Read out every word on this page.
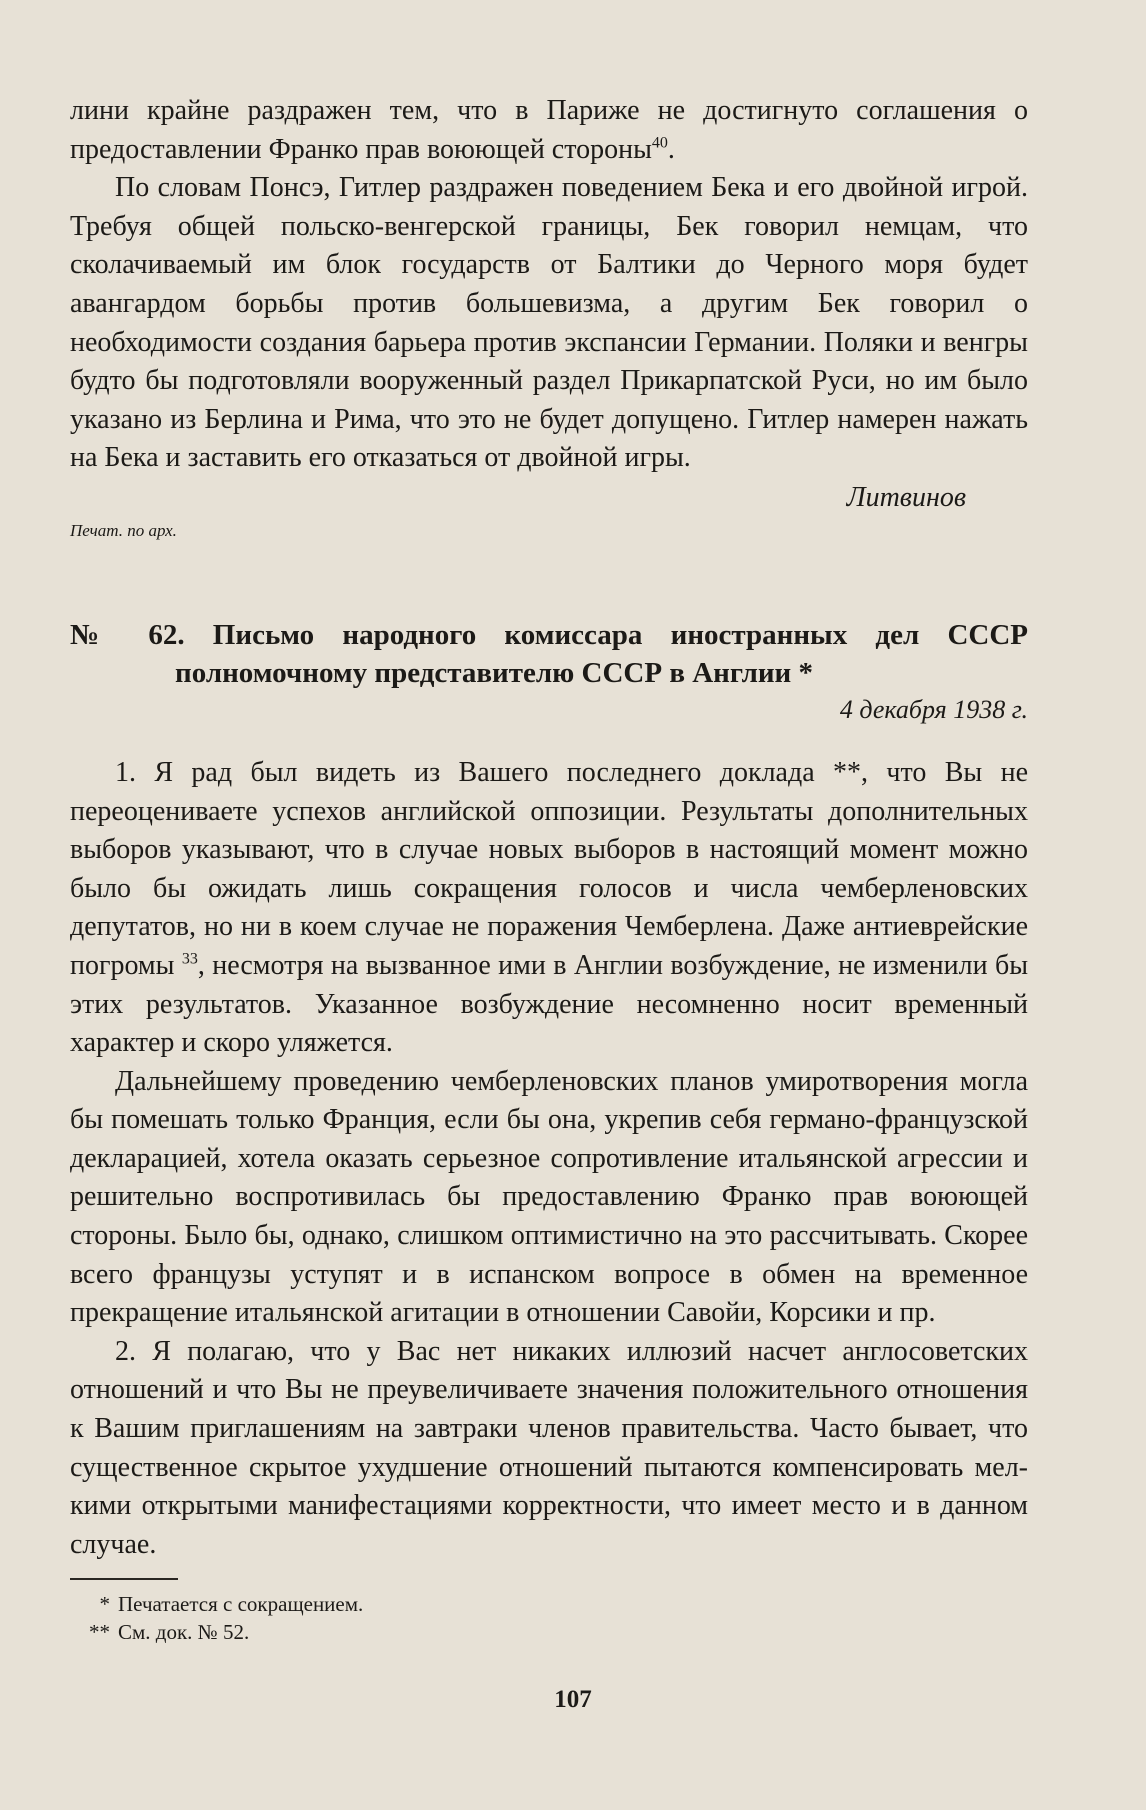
лини крайне раздражен тем, что в Париже не достигнуто соглашения о предоставлении Франко прав воюющей стороны$^{40}$.

По словам Понсэ, Гитлер раздражен поведением Бека и его двойной игрой. Требуя общей польско-венгерской границы, Бек говорил немцам, что сколачиваемый им блок государств от Балтики до Черного моря будет авангардом борьбы против большевизма, а другим Бек говорил о необходимости создания барьера против экспансии Германии. Поляки и венгры будто бы подготовляли вооруженный раздел Прикарпатской Руси, но им было указано из Берлина и Рима, что это не будет допущено. Гитлер намерен нажать на Бека и заставить его отказаться от двойной игры.

Литвинов
Печат. по арх.

№ 62. Письмо народного комиссара иностранных дел СССР полномочному представителю СССР в Англии *

4 декабря 1938 г.

1. Я рад был видеть из Вашего последнего доклада **, что Вы не переоцениваете успехов английской оппозиции. Результаты дополнительных выборов указывают, что в случае новых выборов в настоящий момент можно было бы ожидать лишь сокращения голосов и числа чемберленовских депутатов, но ни в коем случае не поражения Чемберлена. Даже антиеврейские погромы $^{33}$, несмотря на вызванное ими в Англии возбуждение, не изменили бы этих результатов. Указанное возбуждение несомненно носит временный характер и скоро уляжется.

Дальнейшему проведению чемберленовских планов умиротворения могла бы помешать только Франция, если бы она, укрепив себя германо-французской декларацией, хотела оказать серьезное сопротивление итальянской агрессии и решительно воспротивилась бы предоставлению Франко прав воюющей стороны. Было бы, однако, слишком оптимистично на это рассчитывать. Скорее всего французы уступят и в испанском вопросе в обмен на временное прекращение итальянской агитации в отношении Савойи, Корсики и пр.

2. Я полагаю, что у Вас нет никаких иллюзий насчет англосоветских отношений и что Вы не преувеличиваете значения положительного отношения к Вашим приглашениям на завтраки членов правительства. Часто бывает, что существенное скрытое ухудшение отношений пытаются компенсировать мелкими открытыми манифестациями корректности, что имеет место и в данном случае.

* Печатается с сокращением.
** См. док. № 52.
107
